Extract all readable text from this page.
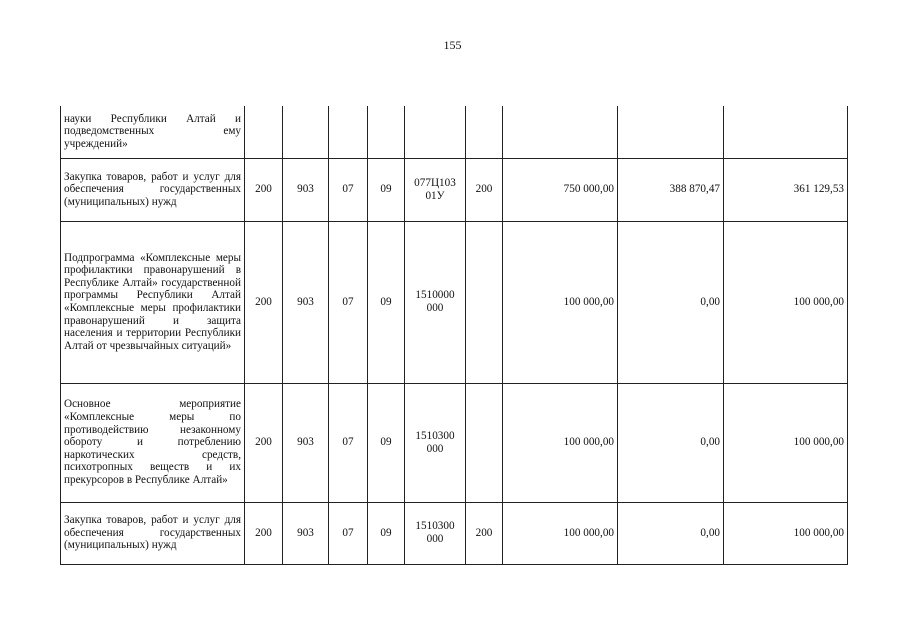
155
науки Республики Алтай и подведомственных ему учреждений»									
Закупка товаров, работ и услуг для обеспечения государственных (муниципальных) нужд	200	903	07	09	077Ц103 01У	200	750 000,00	388 870,47	361 129,53
Подпрограмма «Комплексные меры профилактики правонарушений в Республике Алтай» государственной программы Республики Алтай «Комплексные меры профилактики правонарушений и защита населения и территории Республики Алтай от чрезвычайных ситуаций»	200	903	07	09	1510000 000		100 000,00	0,00	100 000,00
Основное мероприятие «Комплексные меры по противодействию незаконному обороту и потреблению наркотических средств, психотропных веществ и их прекурсоров в Республике Алтай»	200	903	07	09	1510300 000		100 000,00	0,00	100 000,00
Закупка товаров, работ и услуг для обеспечения государственных (муниципальных) нужд	200	903	07	09	1510300 000	200	100 000,00	0,00	100 000,00
